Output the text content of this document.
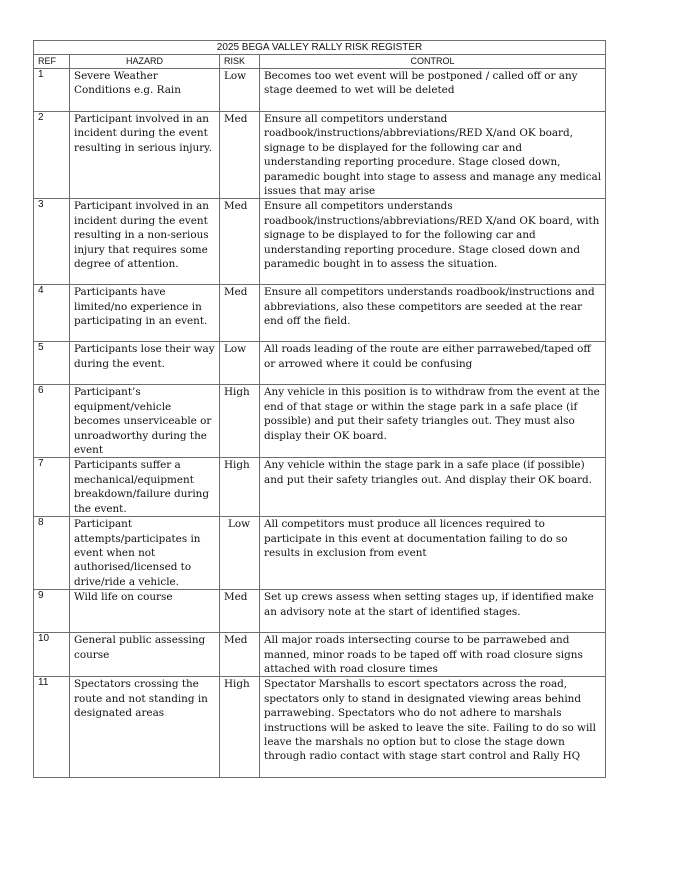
2025 BEGA VALLEY RALLY RISK REGISTER			
REF	HAZARD	RISK	CONTROL
1	Severe Weather Conditions e.g. Rain	Low	Becomes too wet event will be postponed / called off or any stage deemed to wet will be deleted
2	Participant involved in an incident during the event resulting in serious injury.	Med	Ensure all competitors understand roadbook/instructions/abbreviations/RED X/and OK board, signage to be displayed for the following car and understanding reporting procedure. Stage closed down, paramedic bought into stage to assess and manage any medical issues that may arise
3	Participant involved in an incident during the event resulting in a non-serious injury that requires some degree of attention.	Med	Ensure all competitors understands roadbook/instructions/abbreviations/RED X/and OK board, with signage to be displayed to for the following car and understanding reporting procedure. Stage closed down and paramedic bought in to assess the situation.
4	Participants have limited/no experience in participating in an event.	Med	Ensure all competitors understands roadbook/instructions and abbreviations, also these competitors are seeded at the rear end off the field.
5	Participants lose their way during the event.	Low	All roads leading of the route are either parrawebed/taped off or arrowed where it could be confusing
6	Participant’s equipment/vehicle becomes unserviceable or unroadworthy during the event	High	Any vehicle in this position is to withdraw from the event at the end of that stage or within the stage park in a safe place (if possible) and put their safety triangles out. They must also display their OK board.
7	Participants suffer a mechanical/equipment breakdown/failure during the event.	High	Any vehicle within the stage park in a safe place (if possible) and put their safety triangles out. And display their OK board.
8	Participant attempts/participates in event when not authorised/licensed to drive/ride a vehicle.	Low	All competitors must produce all licences required to participate in this event at documentation failing to do so results in exclusion from event
9	Wild life on course	Med	Set up crews assess when setting stages up, if identified make an advisory note at the start of identified stages.
10	General public assessing course	Med	All major roads intersecting course to be parrawebed and manned, minor roads to be taped off with road closure signs attached with road closure times
11	Spectators crossing the route and not standing in designated areas	High	Spectator Marshalls to escort spectators across the road, spectators only to stand in designated viewing areas behind parrawebing. Spectators who do not adhere to marshals instructions will be asked to leave the site. Failing to do so will leave the marshals no option but to close the stage down through radio contact with stage start control and Rally HQ
